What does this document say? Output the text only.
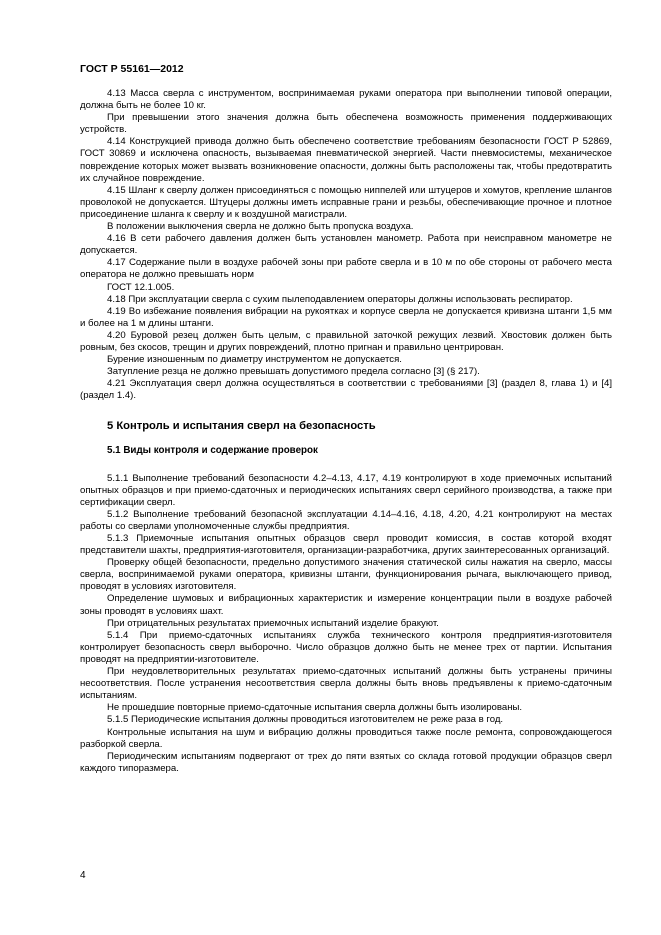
ГОСТ Р 55161—2012

4.13 Масса сверла с инструментом, воспринимаемая руками оператора при выполнении типовой операции, должна быть не более 10 кг.

При превышении этого значения должна быть обеспечена возможность применения поддерживающих устройств.

4.14 Конструкцией привода должно быть обеспечено соответствие требованиям безопасности ГОСТ Р 52869, ГОСТ 30869 и исключена опасность, вызываемая пневматической энергией. Части пневмосистемы, механическое повреждение которых может вызвать возникновение опасности, должны быть расположены так, чтобы предотвратить их случайное повреждение.

4.15 Шланг к сверлу должен присоединяться с помощью ниппелей или штуцеров и хомутов, крепление шлангов проволокой не допускается. Штуцеры должны иметь исправные грани и резьбы, обеспечивающие прочное и плотное присоединение шланга к сверлу и к воздушной магистрали.

В положении выключения сверла не должно быть пропуска воздуха.

4.16 В сети рабочего давления должен быть установлен манометр. Работа при неисправном манометре не допускается.

4.17 Содержание пыли в воздухе рабочей зоны при работе сверла и в 10 м по обе стороны от рабочего места оператора не должно превышать норм

ГОСТ 12.1.005.

4.18 При эксплуатации сверла с сухим пылеподавлением операторы должны использовать респиратор.

4.19 Во избежание появления вибрации на рукоятках и корпусе сверла не допускается кривизна штанги 1,5 мм и более на 1 м длины штанги.

4.20 Буровой резец должен быть целым, с правильной заточкой режущих лезвий. Хвостовик должен быть ровным, без скосов, трещин и других повреждений, плотно пригнан и правильно центрирован.

Бурение изношенным по диаметру инструментом не допускается.

Затупление резца не должно превышать допустимого предела согласно [3] (§ 217).

4.21 Эксплуатация сверл должна осуществляться в соответствии с требованиями [3] (раздел 8, глава 1) и [4] (раздел 1.4).

5 Контроль и испытания сверл на безопасность
5.1 Виды контроля и содержание проверок

5.1.1 Выполнение требований безопасности 4.2–4.13, 4.17, 4.19 контролируют в ходе приемочных испытаний опытных образцов и при приемо-сдаточных и периодических испытаниях сверл серийного производства, а также при сертификации сверл.

5.1.2 Выполнение требований безопасной эксплуатации 4.14–4.16, 4.18, 4.20, 4.21 контролируют на местах работы со сверлами уполномоченные службы предприятия.

5.1.3 Приемочные испытания опытных образцов сверл проводит комиссия, в состав которой входят представители шахты, предприятия-изготовителя, организации-разработчика, других заинтересованных организаций.

Проверку общей безопасности, предельно допустимого значения статической силы нажатия на сверло, массы сверла, воспринимаемой руками оператора, кривизны штанги, функционирования рычага, выключающего привод, проводят в условиях изготовителя.

Определение шумовых и вибрационных характеристик и измерение концентрации пыли в воздухе рабочей зоны проводят в условиях шахт.

При отрицательных результатах приемочных испытаний изделие бракуют.

5.1.4 При приемо-сдаточных испытаниях служба технического контроля предприятия-изготовителя контролирует безопасность сверл выборочно. Число образцов должно быть не менее трех от партии. Испытания проводят на предприятии-изготовителе.

При неудовлетворительных результатах приемо-сдаточных испытаний должны быть устранены причины несоответствия. После устранения несоответствия сверла должны быть вновь предъявлены к приемо-сдаточным испытаниям.

Не прошедшие повторные приемо-сдаточные испытания сверла должны быть изолированы.

5.1.5 Периодические испытания должны проводиться изготовителем не реже раза в год.

Контрольные испытания на шум и вибрацию должны проводиться также после ремонта, сопровождающегося разборкой сверла.

Периодическим испытаниям подвергают от трех до пяти взятых со склада готовой продукции образцов сверл каждого типоразмера.

4
